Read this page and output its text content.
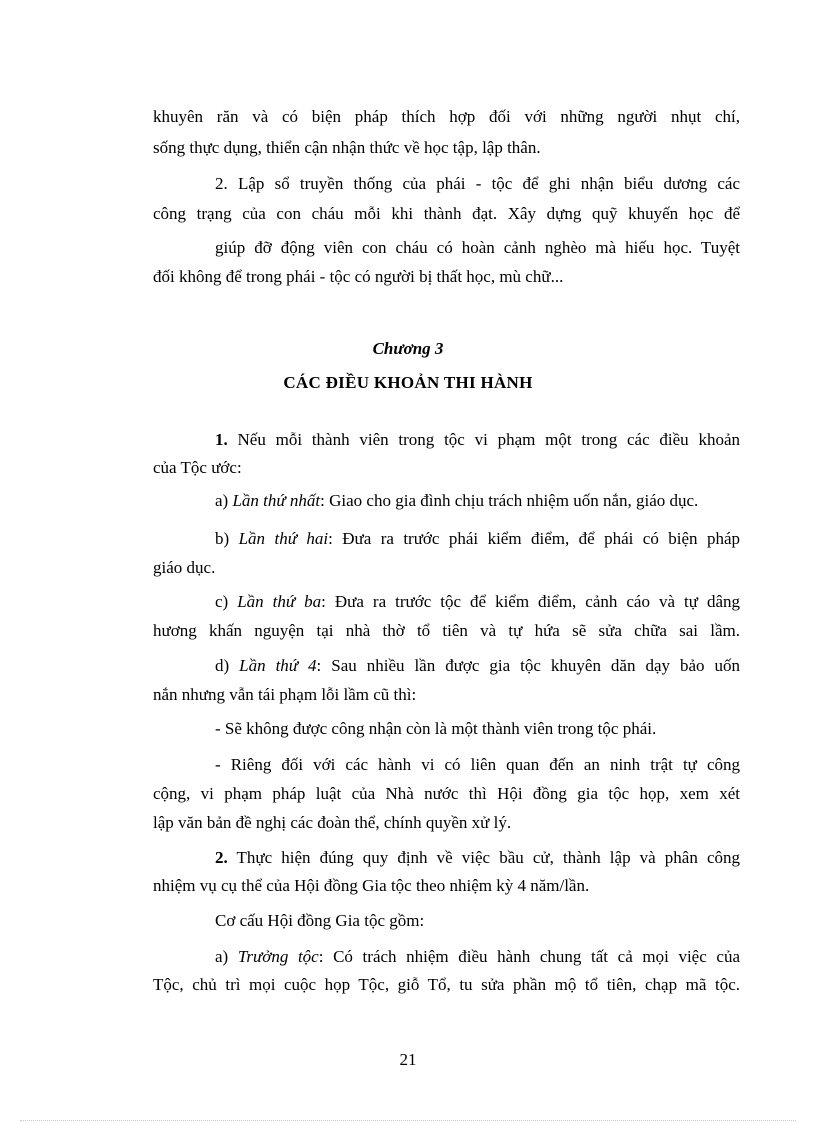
khuyên răn và có biện pháp thích hợp đối với những người nhụt chí,
sống thực dụng, thiển cận nhận thức về học tập, lập thân.
2. Lập sổ truyền thống của phái - tộc để ghi nhận biểu dương các
công trạng của con cháu mỗi khi thành đạt. Xây dựng quỹ khuyến học để
giúp đỡ động viên con cháu có hoàn cảnh nghèo mà hiếu học. Tuyệt
đối không để trong phái - tộc có người bị thất học, mù chữ...
Chương 3
CÁC ĐIỀU KHOẢN THI HÀNH
1. Nếu mỗi thành viên trong tộc vi phạm một trong các điều khoản
của Tộc ước:
a) Lần thứ nhất: Giao cho gia đình chịu trách nhiệm uốn nắn, giáo dục.
b) Lần thứ hai: Đưa ra trước phái kiểm điểm, để phái có biện pháp
giáo dục.
c) Lần thứ ba: Đưa ra trước tộc để kiểm điểm, cảnh cáo và tự dâng
hương khấn nguyện tại nhà thờ tổ tiên và tự hứa sẽ sửa chữa sai lầm.
d) Lần thứ 4: Sau nhiều lần được gia tộc khuyên dăn dạy bảo uốn
nắn nhưng vẫn tái phạm lỗi lầm cũ thì:
- Sẽ không được công nhận còn là một thành viên trong tộc phái.
- Riêng đối với các hành vi có liên quan đến an ninh trật tự công
cộng, vi phạm pháp luật của Nhà nước thì Hội đồng gia tộc họp, xem xét
lập văn bản đề nghị các đoàn thể, chính quyền xử lý.
2. Thực hiện đúng quy định về việc bầu cử, thành lập và phân công
nhiệm vụ cụ thể của Hội đồng Gia tộc theo nhiệm kỳ 4 năm/lần.
Cơ cấu Hội đồng Gia tộc gồm:
a) Trưởng tộc: Có trách nhiệm điều hành chung tất cả mọi việc của
Tộc, chủ trì mọi cuộc họp Tộc, giỗ Tổ, tu sửa phần mộ tổ tiên, chạp mã tộc.
21
